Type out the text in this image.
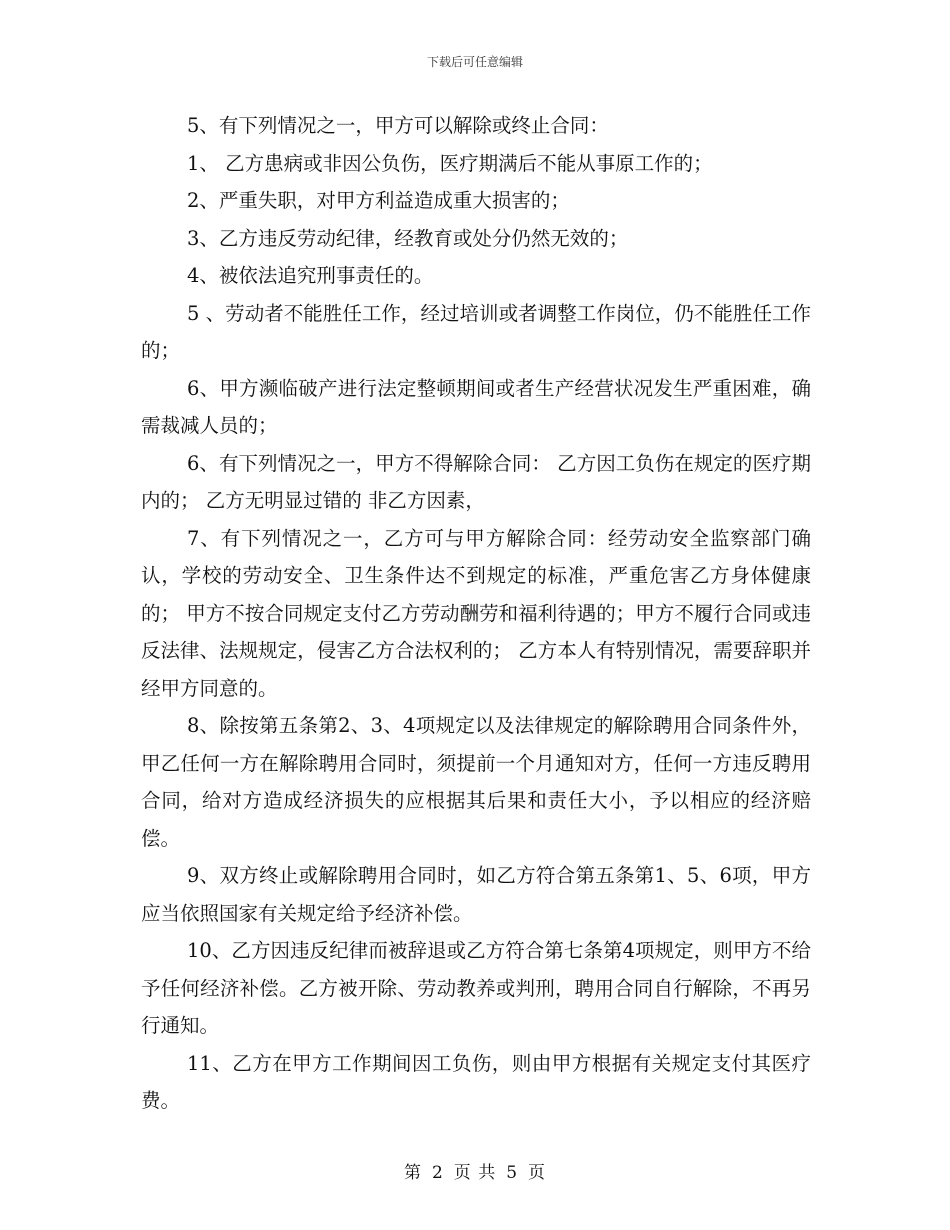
下载后可任意编辑

5、有下列情况之一，甲方可以解除或终止合同：

1、 乙方患病或非因公负伤，医疗期满后不能从事原工作的；

2、严重失职，对甲方利益造成重大损害的；

3、乙方违反劳动纪律，经教育或处分仍然无效的；

4、被依法追究刑事责任的。

5 、劳动者不能胜任工作，经过培训或者调整工作岗位，仍不能胜任工作的；

6、甲方濒临破产进行法定整顿期间或者生产经营状况发生严重困难，确需裁减人员的；

6、有下列情况之一，甲方不得解除合同： 乙方因工负伤在规定的医疗期内的； 乙方无明显过错的 非乙方因素，

7、有下列情况之一，乙方可与甲方解除合同：经劳动安全监察部门确认，学校的劳动安全、卫生条件达不到规定的标准，严重危害乙方身体健康的； 甲方不按合同规定支付乙方劳动酬劳和福利待遇的；甲方不履行合同或违反法律、法规规定，侵害乙方合法权利的； 乙方本人有特别情况，需要辞职并经甲方同意的。

8、除按第五条第2、3、4项规定以及法律规定的解除聘用合同条件外，甲乙任何一方在解除聘用合同时，须提前一个月通知对方，任何一方违反聘用合同，给对方造成经济损失的应根据其后果和责任大小，予以相应的经济赔偿。

9、双方终止或解除聘用合同时，如乙方符合第五条第1、5、6项，甲方应当依照国家有关规定给予经济补偿。

10、乙方因违反纪律而被辞退或乙方符合第七条第4项规定，则甲方不给予任何经济补偿。乙方被开除、劳动教养或判刑，聘用合同自行解除，不再另行通知。

11、乙方在甲方工作期间因工负伤，则由甲方根据有关规定支付其医疗费。

第 2 页 共 5 页
